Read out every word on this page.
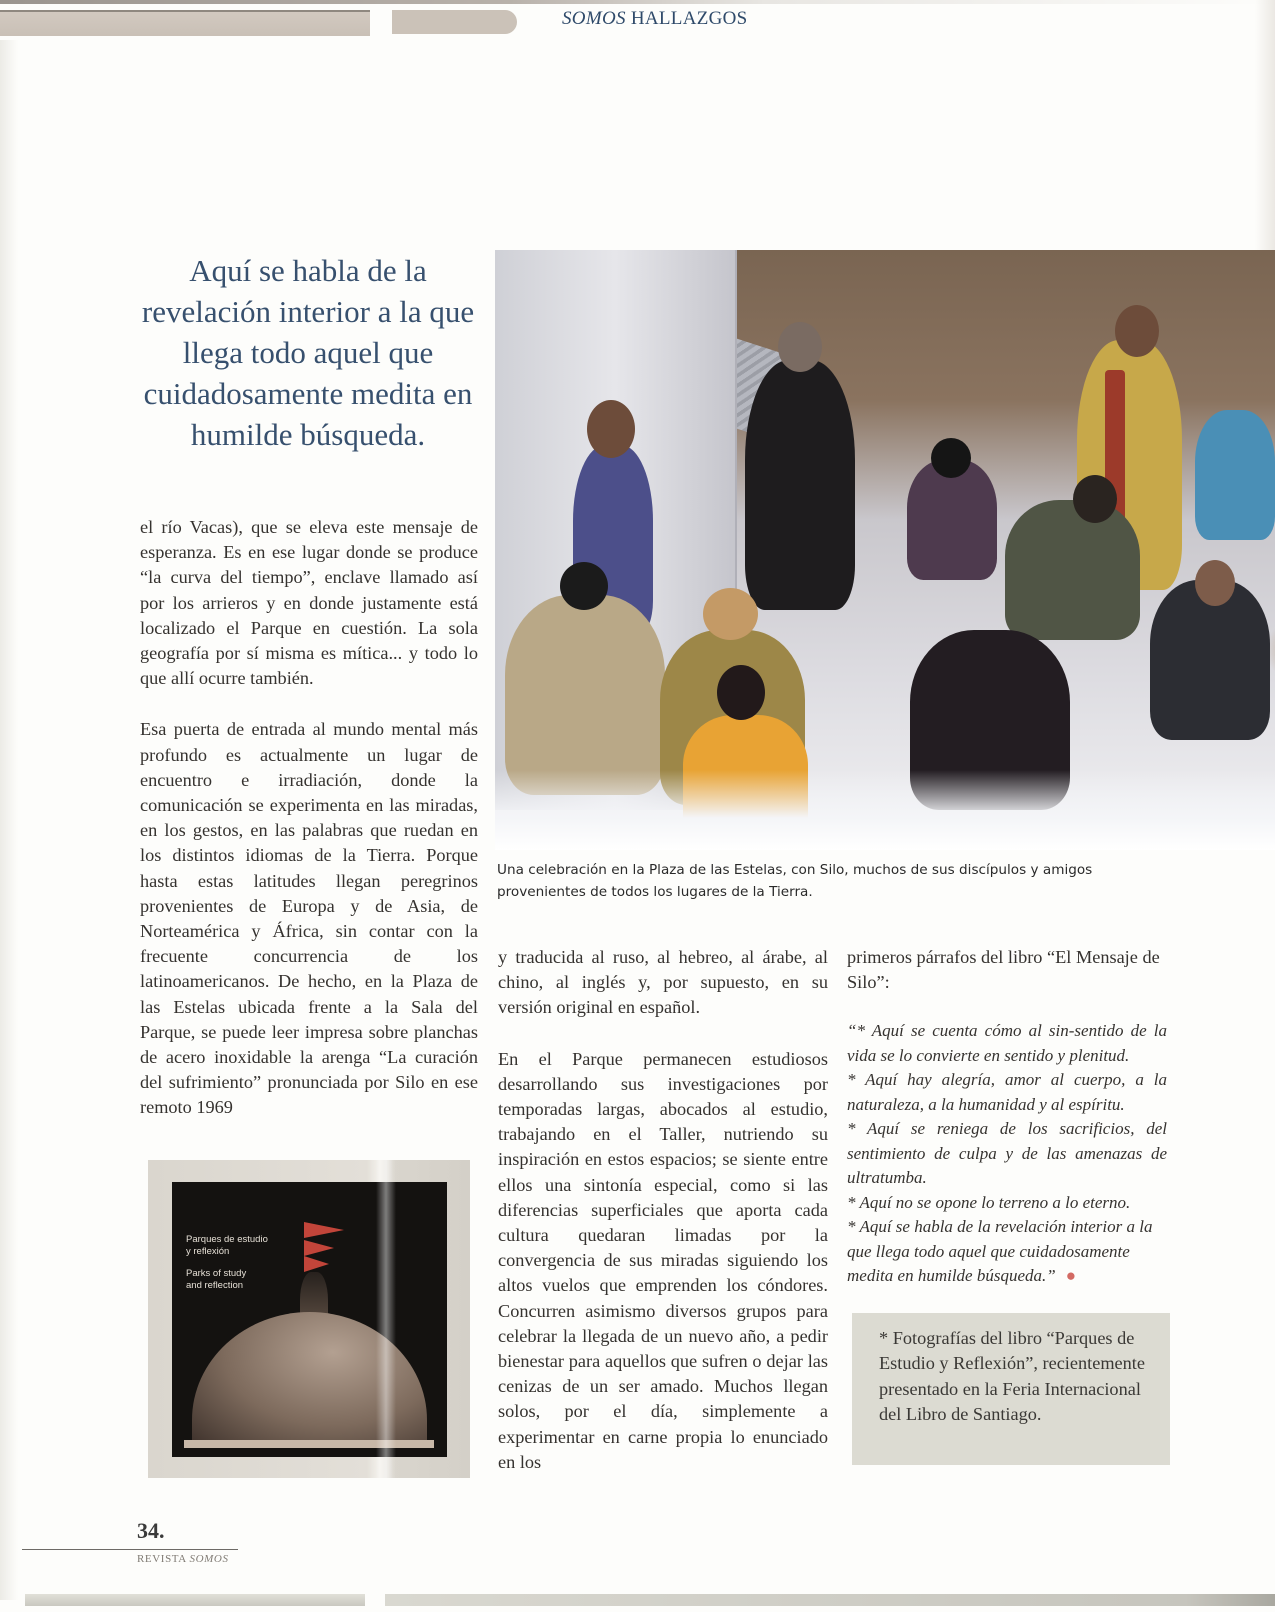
SOMOS HALLAZGOS
Aquí se habla de la revelación interior a la que llega todo aquel que cuidadosamente medita en humilde búsqueda.

el río Vacas), que se eleva este mensaje de esperanza. Es en ese lugar donde se produce “la curva del tiempo”, enclave llamado así por los arrieros y en donde justamente está localizado el Parque en cuestión. La sola geografía por sí misma es mítica... y todo lo que allí ocurre también.

Esa puerta de entrada al mundo mental más profundo es actualmente un lugar de encuentro e irradiación, donde la comunicación se experimenta en las miradas, en los gestos, en las palabras que ruedan en los distintos idiomas de la Tierra. Porque hasta estas latitudes llegan peregrinos provenientes de Europa y de Asia, de Norteamérica y África, sin contar con la frecuente concurrencia de los latinoamericanos. De hecho, en la Plaza de las Estelas ubicada frente a la Sala del Parque, se puede leer impresa sobre planchas de acero inoxidable la arenga “La curación del sufrimiento” pronunciada por Silo en ese remoto 1969

Una celebración en la Plaza de las Estelas, con Silo, muchos de sus discípulos y amigos provenientes de todos los lugares de la Tierra.
Parques de estudio
y reflexión
Parks of study
and reflection

y traducida al ruso, al hebreo, al árabe, al chino, al inglés y, por supuesto, en su versión original en español.

En el Parque permanecen estudiosos desarrollando sus investigaciones por temporadas largas, abocados al estudio, trabajando en el Taller, nutriendo su inspiración en estos espacios; se siente entre ellos una sintonía especial, como si las diferencias superficiales que aporta cada cultura quedaran limadas por la convergencia de sus miradas siguiendo los altos vuelos que emprenden los cóndores. Concurren asimismo diversos grupos para celebrar la llegada de un nuevo año, a pedir bienestar para aquellos que sufren o dejar las cenizas de un ser amado. Muchos llegan solos, por el día, simplemente a experimentar en carne propia lo enunciado en los

primeros párrafos del libro “El Mensaje de Silo”:

“* Aquí se cuenta cómo al sin-sentido de la vida se lo convierte en sentido y plenitud.
* Aquí hay alegría, amor al cuerpo, a la naturaleza, a la humanidad y al espíritu.
* Aquí se reniega de los sacrificios, del sentimiento de culpa y de las amenazas de ultratumba.
* Aquí no se opone lo terreno a lo eterno.
* Aquí se habla de la revelación interior a la que llega todo aquel que cuidadosamente medita en humilde búsqueda.” ●
* Fotografías del libro “Parques de Estudio y Reflexión”, recientemente presentado en la Feria Internacional del Libro de Santiago.
34.
REVISTA SOMOS
